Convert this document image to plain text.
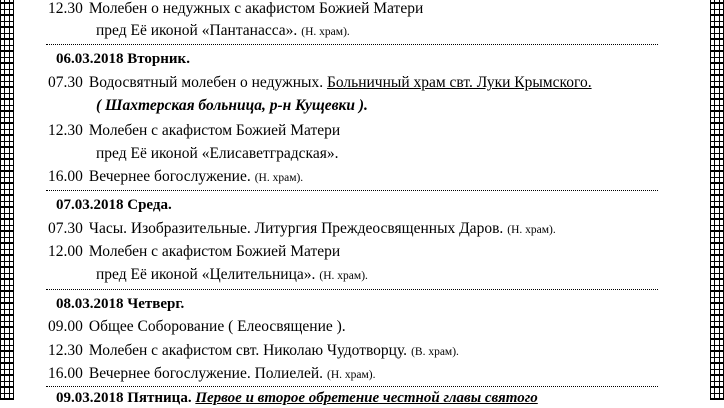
12.30 Молебен о недужных с акафистом Божией Матери
пред Её иконой «Пантанасса». (Н. храм).
06.03.2018 Вторник.
07.30 Водосвятный молебен о недужных. Больничный храм свт. Луки Крымского.
( Шахтерская больница, р-н Кущевки ).
12.30 Молебен с акафистом Божией Матери
пред Её иконой «Елисаветградская».
16.00 Вечернее богослужение. (Н. храм).
07.03.2018 Среда.
07.30 Часы. Изобразительные. Литургия Преждеосвященных Даров. (Н. храм).
12.00 Молебен с акафистом Божией Матери
пред Её иконой «Целительница». (Н. храм).
08.03.2018 Четверг.
09.00 Общее Соборование ( Елеосвящение ).
12.30 Молебен с акафистом свт. Николаю Чудотворцу. (В. храм).
16.00 Вечернее богослужение. Полиелей. (Н. храм).
09.03.2018 Пятница. Первое и второе обретение честной главы святого
